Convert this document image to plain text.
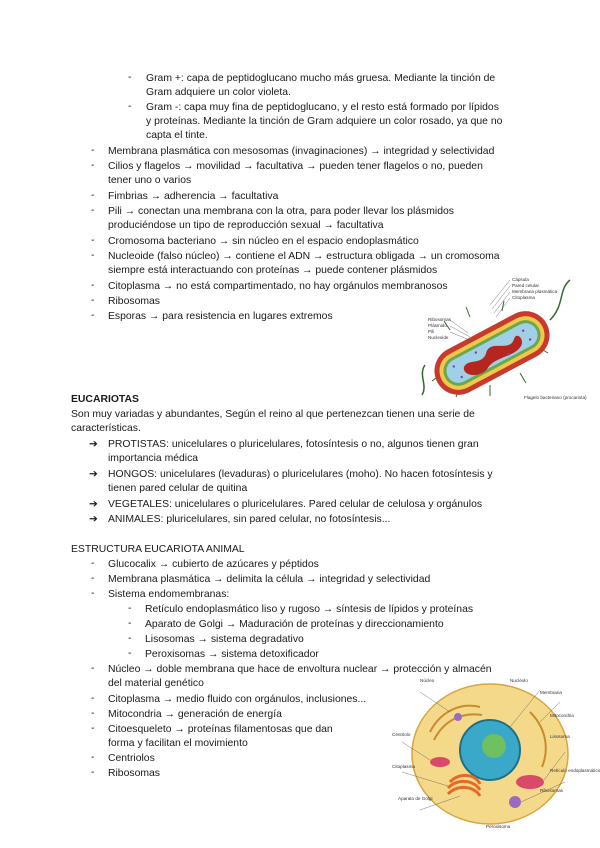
- Gram +: capa de peptidoglucano mucho más gruesa. Mediante la tinción de
Gram adquiere un color violeta.
- Gram -: capa muy fina de peptidoglucano, y el resto está formado por lípidos
y proteínas. Mediante la tinción de Gram adquiere un color rosado, ya que no
capta el tinte.
- Membrana plasmática con mesosomas (invaginaciones) → integridad y selectividad
- Cilios y flagelos → movilidad → facultativa → pueden tener flagelos o no, pueden
tener uno o varios
- Fimbrias → adherencia → facultativa
- Pili → conectan una membrana con la otra, para poder llevar los plásmidos
produciéndose un tipo de reproducción sexual → facultativa
- Cromosoma bacteriano → sin núcleo en el espacio endoplasmático
- Nucleoide (falso núcleo) → contiene el ADN → estructura obligada → un cromosoma
siempre está interactuando con proteínas → puede contener plásmidos
- Citoplasma → no está compartimentado, no hay orgánulos membranosos
- Ribosomas
- Esporas → para resistencia en lugares extremos
Cápsula
Pared celular
Membrana plasmática
Citoplasma
Ribosomas
Plásmido
Pili
Nucleoide
Flagelo bacteriano (procariota)
EUCARIOTAS
Son muy variadas y abundantes, Según el reino al que pertenezcan tienen una serie de
características.
➔ PROTISTAS: unicelulares o pluricelulares, fotosíntesis o no, algunos tienen gran
importancia médica
➔ HONGOS: unicelulares (levaduras) o pluricelulares (moho). No hacen fotosíntesis y
tienen pared celular de quitina
➔ VEGETALES: unicelulares o pluricelulares. Pared celular de celulosa y orgánulos
➔ ANIMALES: pluricelulares, sin pared celular, no fotosíntesis...
ESTRUCTURA EUCARIOTA ANIMAL
- Glucocalix → cubierto de azúcares y péptidos
- Membrana plasmática → delimita la célula → integridad y selectividad
- Sistema endomembranas:
- Retículo endoplasmático liso y rugoso → síntesis de lípidos y proteínas
- Aparato de Golgi → Maduración de proteínas y direccionamiento
- Lisosomas → sistema degradativo
- Peroxisomas → sistema detoxificador
- Núcleo → doble membrana que hace de envoltura nuclear → protección y almacén
del material genético
- Citoplasma → medio fluido con orgánulos, inclusiones...
- Mitocondria → generación de energía
- Citoesqueleto → proteínas filamentosas que dan
forma y facilitan el movimiento
- Centriolos
- Ribosomas
Núcleo	Nucléolo
Membrana
Mitocondria
Lisosoma
Centriolo
Citoplasma
Aparato de Golgi
Retículo endoplasmático
Ribosomas
Peroxisoma
